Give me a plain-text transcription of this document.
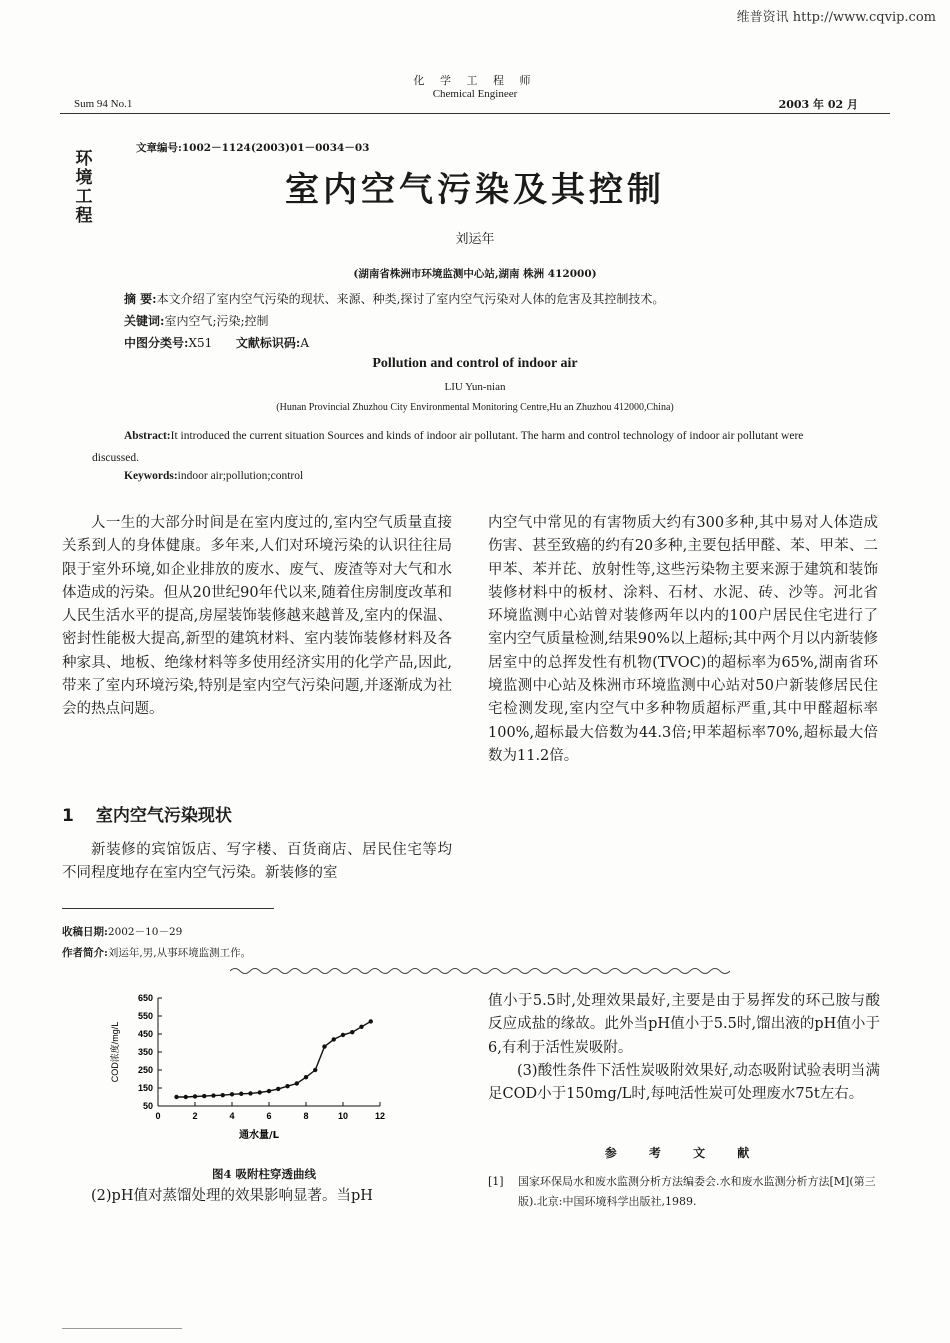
维普资讯 http://www.cqvip.com
化 学 工 程 师
Chemical Engineer
Sum 94 No.1	2003 年 02 月
环
境
工
程
文章编号:1002－1124(2003)01－0034－03
室内空气污染及其控制
刘运年
(湖南省株洲市环境监测中心站,湖南 株洲 412000)
摘 要:本文介绍了室内空气污染的现状、来源、种类,探讨了室内空气污染对人体的危害及其控制技术。
关键词:室内空气;污染;控制
中图分类号:X51 文献标识码:A
Pollution and control of indoor air
LIU Yun-nian
(Hunan Provincial Zhuzhou City Environmental Monitoring Centre,Hu an Zhuzhou 412000,China)
Abstract:It introduced the current situation Sources and kinds of indoor air pollutant. The harm and control technology of indoor air pollutant were discussed.
Keywords:indoor air;pollution;control

人一生的大部分时间是在室内度过的,室内空气质量直接关系到人的身体健康。多年来,人们对环境污染的认识往往局限于室外环境,如企业排放的废水、废气、废渣等对大气和水体造成的污染。但从20世纪90年代以来,随着住房制度改革和人民生活水平的提高,房屋装饰装修越来越普及,室内的保温、密封性能极大提高,新型的建筑材料、室内装饰装修材料及各种家具、地板、绝缘材料等多使用经济实用的化学产品,因此,带来了室内环境污染,特别是室内空气污染问题,并逐渐成为社会的热点问题。

1 室内空气污染现状

新装修的宾馆饭店、写字楼、百货商店、居民住宅等均不同程度地存在室内空气污染。新装修的室

内空气中常见的有害物质大约有300多种,其中易对人体造成伤害、甚至致癌的约有20多种,主要包括甲醛、苯、甲苯、二甲苯、苯并芘、放射性等,这些污染物主要来源于建筑和装饰装修材料中的板材、涂料、石材、水泥、砖、沙等。河北省环境监测中心站曾对装修两年以内的100户居民住宅进行了室内空气质量检测,结果90%以上超标;其中两个月以内新装修居室中的总挥发性有机物(TVOC)的超标率为65%,湖南省环境监测中心站及株洲市环境监测中心站对50户新装修居民住宅检测发现,室内空气中多种物质超标严重,其中甲醛超标率100%,超标最大倍数为44.3倍;甲苯超标率70%,超标最大倍数为11.2倍。

收稿日期:2002－10－29
作者简介:刘运年,男,从事环境监测工作。
50
150
250
350
450
550
650
0	2	4	6	8	10	12
COD浓度/mg/L
通水量/L
图4 吸附柱穿透曲线

(2)pH值对蒸馏处理的效果影响显著。当pH

值小于5.5时,处理效果最好,主要是由于易挥发的环己胺与酸反应成盐的缘故。此外当pH值小于5.5时,馏出液的pH值小于6,有利于活性炭吸附。

(3)酸性条件下活性炭吸附效果好,动态吸附试验表明当满足COD小于150mg/L时,每吨活性炭可处理废水75t左右。

参 考 文 献
[1] 国家环保局水和废水监测分析方法编委会.水和废水监测分析方法[M](第三版).北京:中国环境科学出版社,1989.
